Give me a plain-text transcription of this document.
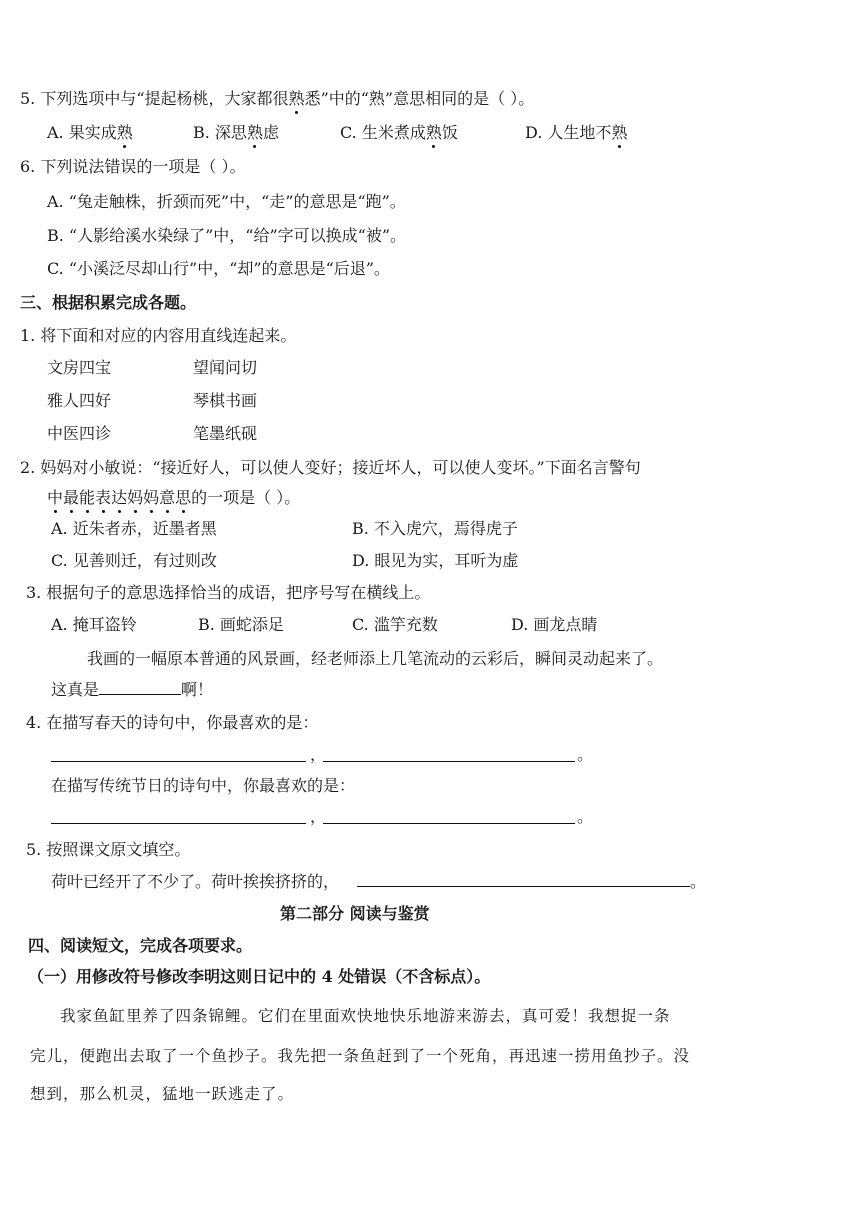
5. 下列选项中与“提起杨桃，大家都很熟悉”中的“熟”意思相同的是（ ）。
A. 果实成熟	B. 深思熟虑	C. 生米煮成熟饭	D. 人生地不熟
6. 下列说法错误的一项是（ ）。
A. “兔走触株，折颈而死”中，“走”的意思是“跑”。
B. “人影给溪水染绿了”中，“给”字可以换成“被”。
C. “小溪泛尽却山行”中，“却”的意思是“后退”。
三、根据积累完成各题。
1. 将下面和对应的内容用直线连起来。
文房四宝	望闻问切
雅人四好	琴棋书画
中医四诊	笔墨纸砚
2. 妈妈对小敏说：“接近好人，可以使人变好；接近坏人，可以使人变坏。”下面名言警句
中最能表达妈妈意思的一项是（ ）。
A. 近朱者赤，近墨者黑	B. 不入虎穴，焉得虎子
C. 见善则迁，有过则改	D. 眼见为实，耳听为虚
3. 根据句子的意思选择恰当的成语，把序号写在横线上。
A. 掩耳盗铃	B. 画蛇添足	C. 滥竽充数	D. 画龙点睛
我画的一幅原本普通的风景画，经老师添上几笔流动的云彩后，瞬间灵动起来了。
这真是	啊！
4. 在描写春天的诗句中，你最喜欢的是：
，	。
在描写传统节日的诗句中，你最喜欢的是：
，	。
5. 按照课文原文填空。
荷叶已经开了不少了。荷叶挨挨挤挤的，	。
第二部分 阅读与鉴赏
四、阅读短文，完成各项要求。
（一）用修改符号修改李明这则日记中的 4 处错误（不含标点）。
我家鱼缸里养了四条锦鲤。它们在里面欢快地快乐地游来游去，真可爱！我想捉一条
完儿，便跑出去取了一个鱼抄子。我先把一条鱼赶到了一个死角，再迅速一捞用鱼抄子。没
想到，那么机灵，猛地一跃逃走了。
